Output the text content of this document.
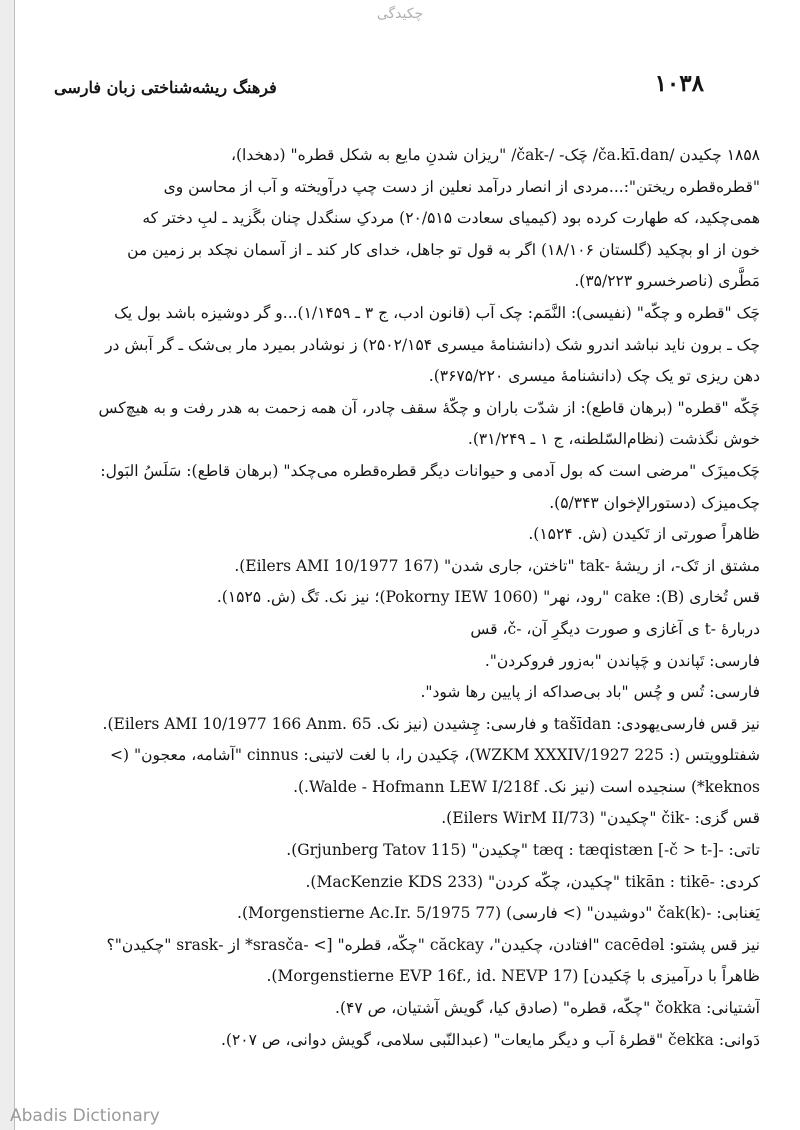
چکیدگی
فرهنگ ریشه‌شناختی زبان فارسی	۱۰۳۸
۱۸۵۸ چکیدن /ča.kī.dan/ چَک- /-čak/ "ریزان شدنِ مایع به شکل قطره" (دهخدا)،
"قطره‌قطره ریختن":...مردی از انصار درآمد نعلین از دست چپ درآویخته و آب از محاسن وی
همی‌چکید، که طهارت کرده بود (کیمیای سعادت ۲۰/۵۱۵) مردکِ سنگدل چنان بگَزید ـ لبِ دختر که
خون از او بچکید (گلستان ۱۸/۱۰۶) اگر به قول تو جاهل، خدای کار کند ـ از آسمان نچکد بر زمین من
مَطَّری (ناصرخسرو ۳۵/۲۲۳).
چَک "قطره و چکّه" (نفیسی): النَّمَم: چک آب (قانون ادب، ج ۳ ـ ۱/۱۴۵۹)...و گر دوشیزه باشد بول یک
چک ـ برون ناید نباشد اندرو شک (دانشنامهٔ میسری ۲۵۰۲/۱۵۴) ز نوشادر بمیرد مار بی‌شک ـ گر آبش در
دهن ریزی تو یک چک (دانشنامهٔ میسری ۳۶۷۵/۲۲۰).
چَکّه "قطره" (برهان قاطع): از شدّت باران و چکّهٔ سقف چادر، آن همه زحمت به هدر رفت و به هیچ‌کس
خوش نگذشت (نظام‌السّلطنه، ج ۱ ـ ۳۱/۲۴۹).
چَک‌میزَک "مرضی است که بول آدمی و حیوانات دیگر قطره‌قطره می‌چکد" (برهان قاطع): سَلَسُ البَول:
چک‌میزک (دستورالإخوان ۵/۳۴۳).
ظاهراً صورتی از تَکیدن (ش. ۱۵۲۴).
مشتق از تَک-، از ریشهٔ -tak "تاختن، جاری شدن" (Eilers AMI 10/1977 167).
قس تُخاری (B): cake "رود، نهر" (Pokorny IEW 1060)؛ نیز نک. تَگ (ش. ۱۵۲۵).
دربارهٔ -t ی آغازی و صورت دیگرِ آن، -č، قس
فارسی: تَپاندن و چَپاندن "به‌زور فروکردن".
فارسی: تُس و چُس "باد بی‌صداکه از پایین رها شود".
نیز قس فارسی‌یهودی: tašīdan و فارسی: چِشیدن (نیز نک. Eilers AMI 10/1977 166 Anm. 65).
شفتلوویتس (: WZKM XXXIV/1927 225)، چَکیدن را، با لغت لاتینی: cinnus "آشامه، معجون" (>
keknos*) سنجیده است (نیز نک. Walde - Hofmann LEW I/218f.).
قس گزی: -čik "چکیدن" (Eilers WirM II/73).
تاتی: -tæq : tæqistæn [-č > t-] "چکیدن" (Grjunberg Tatov 115).
کردی: -tikān : tikē "چکیدن، چکّه کردن" (MacKenzie KDS 233).
یَغنابی: -čak(k) "دوشیدن" (> فارسی) (Morgenstierne Ac.Ir. 5/1975 77).
نیز قس پشتو: cacēdəl "افتادن، چکیدن"، căckay "چکّه، قطره" [> -srasča* از -srask "چکیدن"؟
ظاهراً با درآمیزی با چَکیدن] (Morgenstierne EVP 16f., id. NEVP 17).
آشتیانی: čokka "چکّه، قطره" (صادق کیا، گویش آشتیان، ص ۴۷).
دَوانی: čekka "قطرهٔ آب و دیگر مایعات" (عبدالنّبی سلامی، گویش دوانی، ص ۲۰۷).
Abadis Dictionary
